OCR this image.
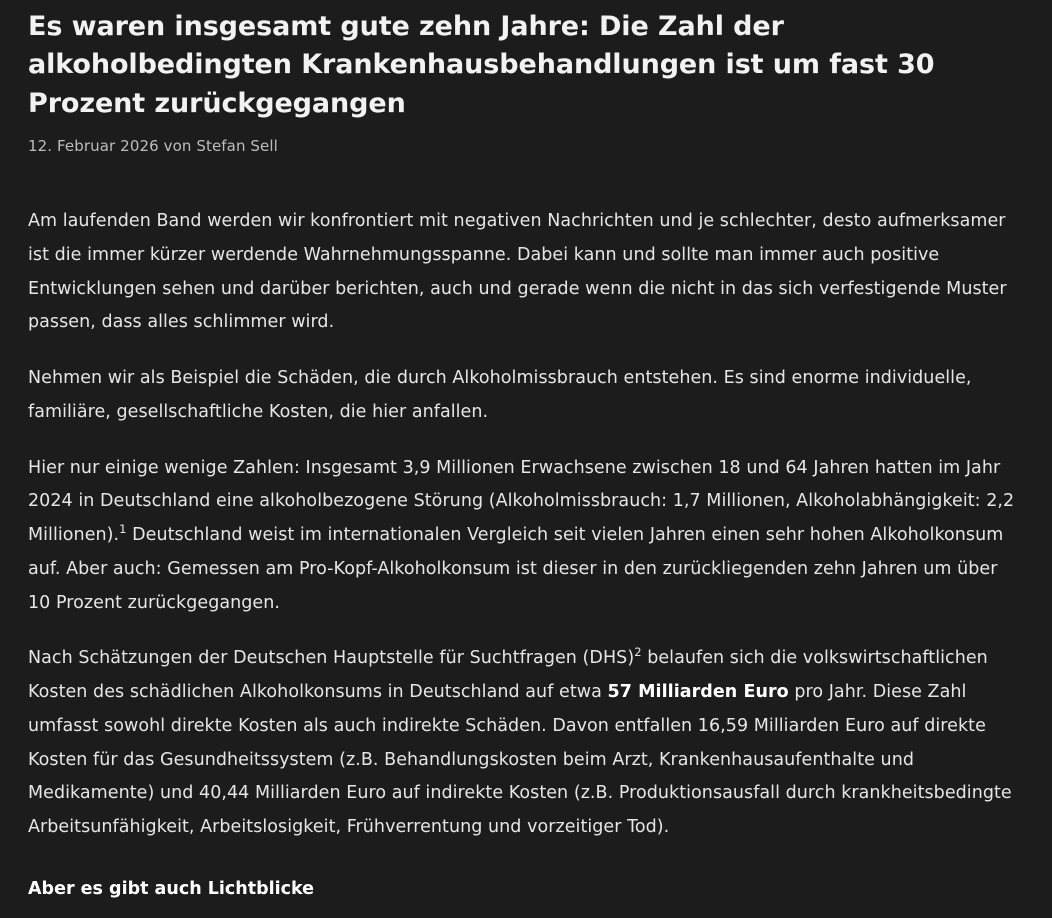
Es waren insgesamt gute zehn Jahre: Die Zahl der alkoholbedingten Krankenhausbehandlungen ist um fast 30 Prozent zurückgegangen
12. Februar 2026 von Stefan Sell

Am laufenden Band werden wir konfrontiert mit negativen Nachrichten und je schlechter, desto aufmerksamer ist die immer kürzer werdende Wahrnehmungsspanne. Dabei kann und sollte man immer auch positive Entwicklungen sehen und darüber berichten, auch und gerade wenn die nicht in das sich verfestigende Muster passen, dass alles schlimmer wird.

Nehmen wir als Beispiel die Schäden, die durch Alkoholmissbrauch entstehen. Es sind enorme individuelle, familiäre, gesellschaftliche Kosten, die hier anfallen.

Hier nur einige wenige Zahlen: Insgesamt 3,9 Millionen Erwachsene zwischen 18 und 64 Jahren hatten im Jahr 2024 in Deutschland eine alkoholbezogene Störung (Alkoholmissbrauch: 1,7 Millionen, Alkoholabhängigkeit: 2,2 Millionen).$^1$ Deutschland weist im internationalen Vergleich seit vielen Jahren einen sehr hohen Alkoholkonsum auf. Aber auch: Gemessen am Pro-Kopf-Alkoholkonsum ist dieser in den zurückliegenden zehn Jahren um über 10 Prozent zurückgegangen.

Nach Schätzungen der Deutschen Hauptstelle für Suchtfragen (DHS)$^2$ belaufen sich die volkswirtschaftlichen Kosten des schädlichen Alkoholkonsums in Deutschland auf etwa 57 Milliarden Euro pro Jahr. Diese Zahl umfasst sowohl direkte Kosten als auch indirekte Schäden. Davon entfallen 16,59 Milliarden Euro auf direkte Kosten für das Gesundheitssystem (z.B. Behandlungskosten beim Arzt, Krankenhausaufenthalte und Medikamente) und 40,44 Milliarden Euro auf indirekte Kosten (z.B. Produktionsausfall durch krankheitsbedingte Arbeitsunfähigkeit, Arbeitslosigkeit, Frühverrentung und vorzeitiger Tod).

Aber es gibt auch Lichtblicke
